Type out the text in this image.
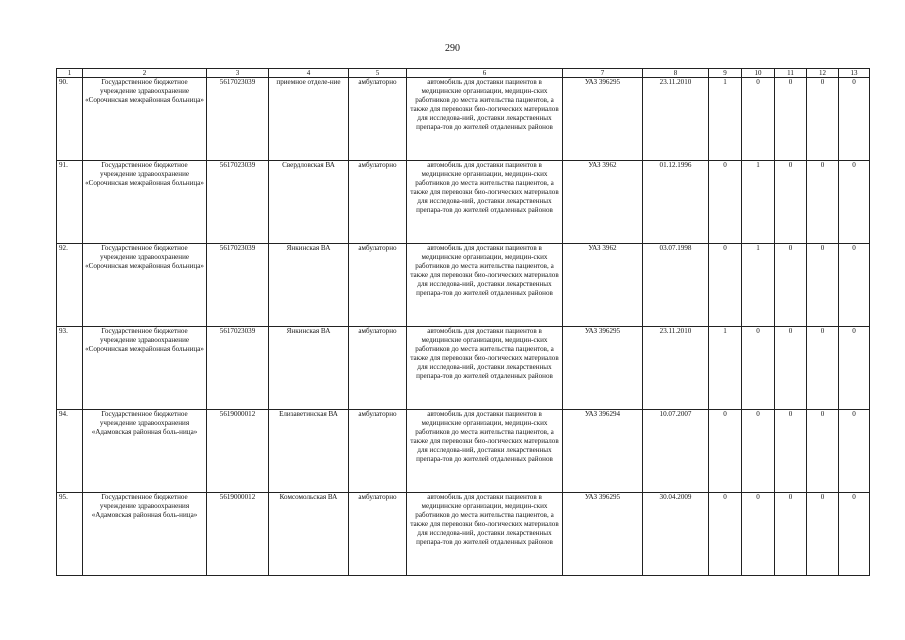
290
1	2	3	4	5	6	7	8	9	10	11	12	13
90.	Государственное бюджетное учреждение здравоохранение «Сорочинская межрайонная больница»	5617023039	приемное отделе-ние	амбулаторно	автомобиль для доставки пациентов в медицинские организации, медицин-ских работников до места жительства пациентов, а также для перевозки био-логических материалов для исследова-ний, доставки лекарственных препара-тов до жителей отдаленных районов	УАЗ 396295	23.11.2010	1	0	0	0	0
91.	Государственное бюджетное учреждение здравоохранение «Сорочинская межрайонная больница»	5617023039	Свердловская ВА	амбулаторно	автомобиль для доставки пациентов в медицинские организации, медицин-ских работников до места жительства пациентов, а также для перевозки био-логических материалов для исследова-ний, доставки лекарственных препара-тов до жителей отдаленных районов	УАЗ 3962	01.12.1996	0	1	0	0	0
92.	Государственное бюджетное учреждение здравоохранение «Сорочинская межрайонная больница»	5617023039	Янкинская ВА	амбулаторно	автомобиль для доставки пациентов в медицинские организации, медицин-ских работников до места жительства пациентов, а также для перевозки био-логических материалов для исследова-ний, доставки лекарственных препара-тов до жителей отдаленных районов	УАЗ 3962	03.07.1998	0	1	0	0	0
93.	Государственное бюджетное учреждение здравоохранение «Сорочинская межрайонная больница»	5617023039	Янкинская ВА	амбулаторно	автомобиль для доставки пациентов в медицинские организации, медицин-ских работников до места жительства пациентов, а также для перевозки био-логических материалов для исследова-ний, доставки лекарственных препара-тов до жителей отдаленных районов	УАЗ 396295	23.11.2010	1	0	0	0	0
94.	Государственное бюджетное учреждение здравоохранения «Адамовская районная боль-ница»	5619000012	Елизаветинская ВА	амбулаторно	автомобиль для доставки пациентов в медицинские организации, медицин-ских работников до места жительства пациентов, а также для перевозки био-логических материалов для исследова-ний, доставки лекарственных препара-тов до жителей отдаленных районов	УАЗ 396294	10.07.2007	0	0	0	0	0
95.	Государственное бюджетное учреждение здравоохранения «Адамовская районная боль-ница»	5619000012	Комсомольская ВА	амбулаторно	автомобиль для доставки пациентов в медицинские организации, медицин-ских работников до места жительства пациентов, а также для перевозки био-логических материалов для исследова-ний, доставки лекарственных препара-тов до жителей отдаленных районов	УАЗ 396295	30.04.2009	0	0	0	0	0
